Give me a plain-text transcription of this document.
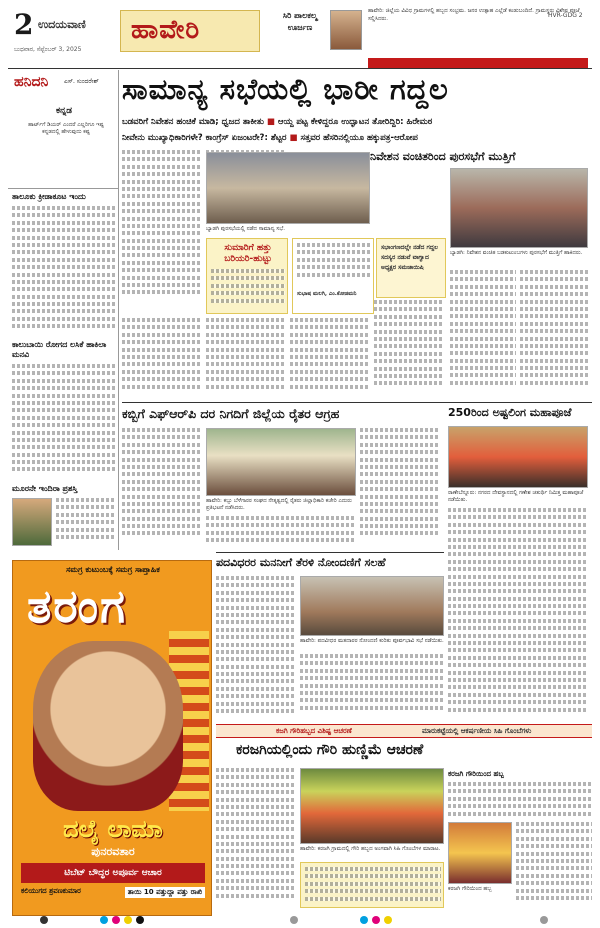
2 ಉದಯವಾಣಿ
ಬುಧವಾರ, ಸೆಪ್ಟೆಂಬರ್ 3, 2025
ಹಾವೇರಿ	ಸಿರಿ ಪಾಲಕಲ್ಮ ಊರ್ಜಣ
ಹಾವೇರಿ: ಜಿಲ್ಲೆಯ ವಿವಿಧ ಗ್ರಾಮಗಳಲ್ಲಿ ಹಬ್ಬದ ಸಂಭ್ರಮ. ಜನರ ಉತ್ಸಾಹ ಎಲ್ಲೆಡೆ ಕಂಡುಬಂದಿದೆ. ಗ್ರಾಮಸ್ಥರು ವಿಶೇಷ ಪೂಜೆ ಸಲ್ಲಿಸಿದರು.	HVR-GDG 2
ಹನಿದನಿ	ಎಸ್. ಸುಂದರೇಶ್
ಕನ್ನಡ
ಹಾರ್ಟ್‌ಗೆ ಡಿಯರ್ ಎಂದರೆ ಎಲ್ಲರಿಗೂ ಇಷ್ಟ ಕನ್ನಡದಲ್ಲಿ ಹೇಳುವುದು ಕಷ್ಟ
ತಾಲೂಕು ಕ್ರೀಡಾಕೂಟ ಇಂದು
ಕಾಲುಬಾಯಿ ರೋಗದ ಲಸಿಕೆ ಹಾಕಿಲಾ ಮನವಿ
ಮೂರನೇ ಇಂದಿರಾ ಪ್ರಶಸ್ತಿ
ಸಾಮಾನ್ಯ ಸಭೆಯಲ್ಲಿ ಭಾರೀ ಗದ್ದಲ
ಬಡವರಿಗೆ ನಿವೇಶನ ಹಂಚಿಕೆ ಮಾಡಿ; ಧ್ವಜದ ತಾಕೀತು ■ ಆಯ್ದ ಪಟ್ಟ ಕೇಳಿದ್ದರೂ ಉದ್ಘಾಟನ ತೋರಿದ್ದಿರಿ: ಹಿರೇಮಠ
ನೀವೇನು ಮುಖ್ಯಾಧಿಕಾರಿಗಳೇ? ಕಾಂಗ್ರೆಸ್ ಏಜಂಟರೇ?: ಶೆಟ್ಟರ ■ ಸತ್ತವರ ಹೆಸರಿನಲ್ಲಿಯೂ ಹಕ್ಕುಪತ್ರ-ಆರೋಪ
ನಿವೇಶನ ವಂಚಿತರಿಂದ ಪುರಸಭೆಗೆ ಮುತ್ತಿಗೆ
ಬ್ಯಾಡಗಿ ಪುರಸಭೆಯಲ್ಲಿ ನಡೆದ ಸಾಮಾನ್ಯ ಸಭೆ.
ಸುಮಾರಿಗೆ ಹತ್ತು ಬರಿಯರಿ-ಹುಟ್ಟು
ಸುಭಾಷ ಮಲಗಿ, ಎಂ.ಕೋಡಮನಿ
ಸಭಾಂಗಣದಲ್ಲೇ ನಡೆದ ಗದ್ದಲ
ಸದಸ್ಯರ ನಡುವೆ ವಾಗ್ವಾದ
ಅಧ್ಯಕ್ಷರ ಸಮಜಾಯಿಷಿ
ಬ್ಯಾಡಗಿ: ನಿವೇಶನ ವಂಚಿತ ಬಡಕುಟುಂಬಗಳು ಪುರಸಭೆಗೆ ಮುತ್ತಿಗೆ ಹಾಕಿದರು.
ಕಬ್ಬಿಗೆ ಎಫ್‌ಆರ್‌ಪಿ ದರ ನಿಗದಿಗೆ ಜಿಲ್ಲೆಯ ರೈತರ ಆಗ್ರಹ
ಹಾವೇರಿ: ಕಬ್ಬು ಬೆಳೆಗಾರರ ಸಂಘದ ನೇತೃತ್ವದಲ್ಲಿ ರೈತರು ಜಿಲ್ಲಾಧಿಕಾರಿ ಕಚೇರಿ ಎದುರು ಪ್ರತಿಭಟನೆ ನಡೆಸಿದರು.
250ರಿಂದ ಅಷ್ಟಲಿಂಗ ಮಹಾಪೂಜೆ
ರಾಣೇಬೆನ್ನೂರು: ನಗರದ ದೇವಸ್ಥಾನದಲ್ಲಿ ಗಣೇಶ ಚತುರ್ಥಿ ನಿಮಿತ್ತ ಮಹಾಪೂಜೆ ನಡೆಯಿತು.
ಪದವಿಧರರ ಮನನೀಗೆ ತೆರಳಿ ನೋಂದಣಿಗೆ ಸಲಹೆ
ಹಾವೇರಿ: ಪದವೀಧರ ಮತದಾರರ ನೋಂದಣಿ ಕುರಿತು ಪೂರ್ವಭಾವಿ ಸಭೆ ನಡೆಯಿತು.
ಕಜಗಿ ಗೌರಿಹಬ್ಬದ ವಿಶಿಷ್ಟ ಆಚರಣೆ	ಮಾರುಕಟ್ಟೆಯಲ್ಲಿ ಆಕರ್ಷಣೀಯ ಸಿಹಿ ಗೊಂಬೆಗಳು
ಕರಜಗಿಯಲ್ಲಿಂದು ಗೌರಿ ಹುಣ್ಣಿಮೆ ಆಚರಣೆ
ಹಾವೇರಿ: ಕರಜಗಿ ಗ್ರಾಮದಲ್ಲಿ ಗೌರಿ ಹಬ್ಬದ ಅಂಗವಾಗಿ ಸಿಹಿ ಗೊಂಬೆಗಳ ಮಾರಾಟ.
ಕರಜಗಿ ಗೌರಿಯಿಂದ ಹಬ್ಬ
ಕರಜಗಿ ಗೌರಿಯಿಂದ ಹಬ್ಬ
ಸಮಗ್ರ ಕುಟುಂಬಕ್ಕೆ ಸಮಗ್ರ ಸಾಪ್ತಾಹಿಕ
ತರಂಗ
ದಲೈ ಲಾಮಾ
ಪುನರವತಾರ
ಟಿಬೆಟ್ ಬೌದ್ಧರ ಅಪೂರ್ವ ಆಚಾರ
ಕಲಿಯುಗದ ಶ್ರವಣಕುಮಾರ	ತಾಯಿ 10 ಪತ್ತುದ್ದಾ ಪತ್ತು ರಾಖಿ
